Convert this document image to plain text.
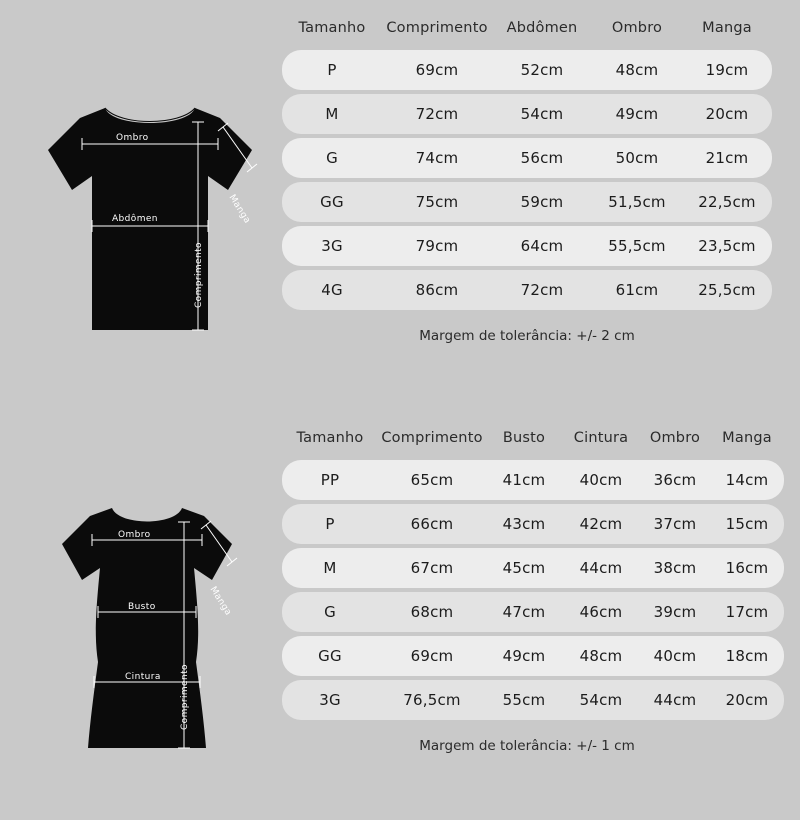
Ombro
Abdômen	Manga
Comprimento
Tamanho	Comprimento	Abdômen	Ombro	Manga
P	69cm	52cm	48cm	19cm
M	72cm	54cm	49cm	20cm
G	74cm	56cm	50cm	21cm
GG	75cm	59cm	51,5cm	22,5cm
3G	79cm	64cm	55,5cm	23,5cm
4G	86cm	72cm	61cm	25,5cm
Margem de tolerância: +/- 2 cm
Ombro
Busto
Cintura
Manga
Comprimento
Tamanho	Comprimento	Busto	Cintura	Ombro	Manga
PP	65cm	41cm	40cm	36cm	14cm
P	66cm	43cm	42cm	37cm	15cm
M	67cm	45cm	44cm	38cm	16cm
G	68cm	47cm	46cm	39cm	17cm
GG	69cm	49cm	48cm	40cm	18cm
3G	76,5cm	55cm	54cm	44cm	20cm
Margem de tolerância: +/- 1 cm
